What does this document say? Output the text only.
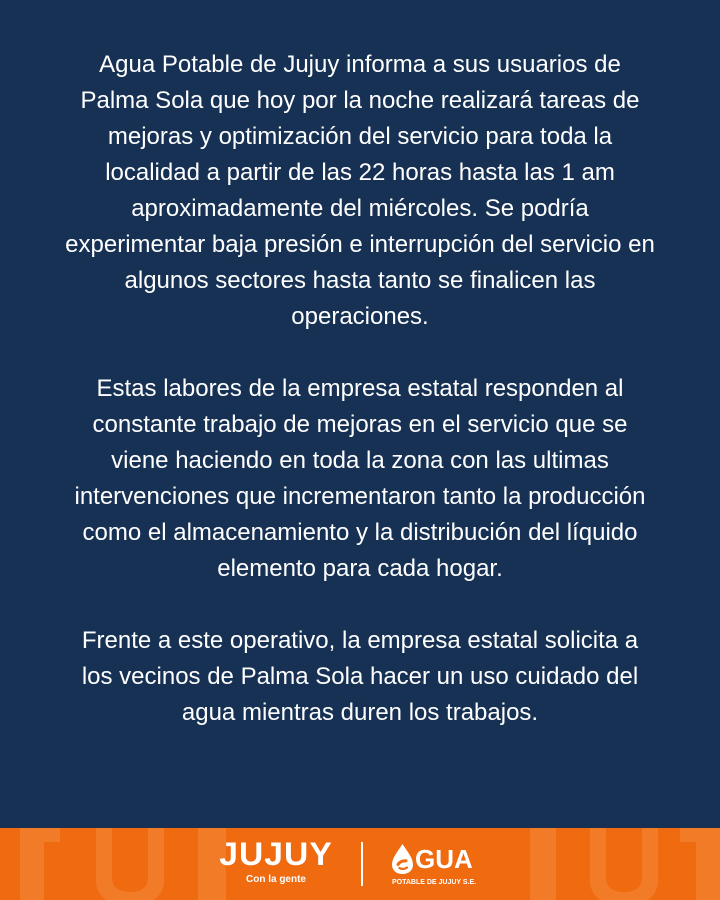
Agua Potable de Jujuy informa a sus usuarios de Palma Sola que hoy por la noche realizará tareas de mejoras y optimización del servicio para toda la localidad a partir de las 22 horas hasta las 1 am aproximadamente del miércoles. Se podría experimentar baja presión e interrupción del servicio en algunos sectores hasta tanto se finalicen las operaciones.

Estas labores de la empresa estatal responden al constante trabajo de mejoras en el servicio que se viene haciendo en toda la zona con las ultimas intervenciones que incrementaron tanto la producción como el almacenamiento y la distribución del líquido elemento para cada hogar.

Frente a este operativo, la empresa estatal solicita a los vecinos de Palma Sola hacer un uso cuidado del agua mientras duren los trabajos.

JUJUY
Con la gente
GUA
POTABLE DE JUJUY S.E.
